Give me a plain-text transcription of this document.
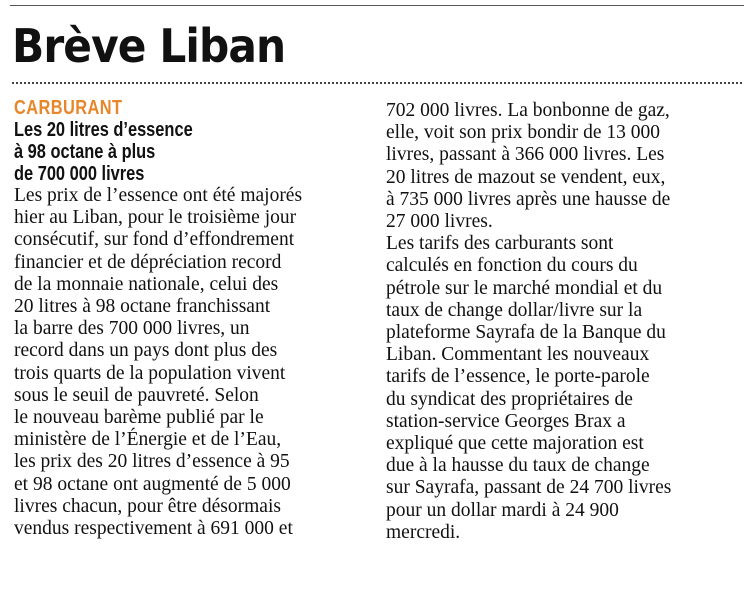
Brève Liban
CARBURANT
Les 20 litres d’essence
à 98 octane à plus
de 700 000 livres
Les prix de l’essence ont été majorés
hier au Liban, pour le troisième jour
consécutif, sur fond d’effondrement
financier et de dépréciation record
de la monnaie nationale, celui des
20 litres à 98 octane franchissant
la barre des 700 000 livres, un
record dans un pays dont plus des
trois quarts de la population vivent
sous le seuil de pauvreté. Selon
le nouveau barème publié par le
ministère de l’Énergie et de l’Eau,
les prix des 20 litres d’essence à 95
et 98 octane ont augmenté de 5 000
livres chacun, pour être désormais
vendus respectivement à 691 000 et
702 000 livres. La bonbonne de gaz,
elle, voit son prix bondir de 13 000
livres, passant à 366 000 livres. Les
20 litres de mazout se vendent, eux,
à 735 000 livres après une hausse de
27 000 livres.
Les tarifs des carburants sont
calculés en fonction du cours du
pétrole sur le marché mondial et du
taux de change dollar/livre sur la
plateforme Sayrafa de la Banque du
Liban. Commentant les nouveaux
tarifs de l’essence, le porte-parole
du syndicat des propriétaires de
station-service Georges Brax a
expliqué que cette majoration est
due à la hausse du taux de change
sur Sayrafa, passant de 24 700 livres
pour un dollar mardi à 24 900
mercredi.
